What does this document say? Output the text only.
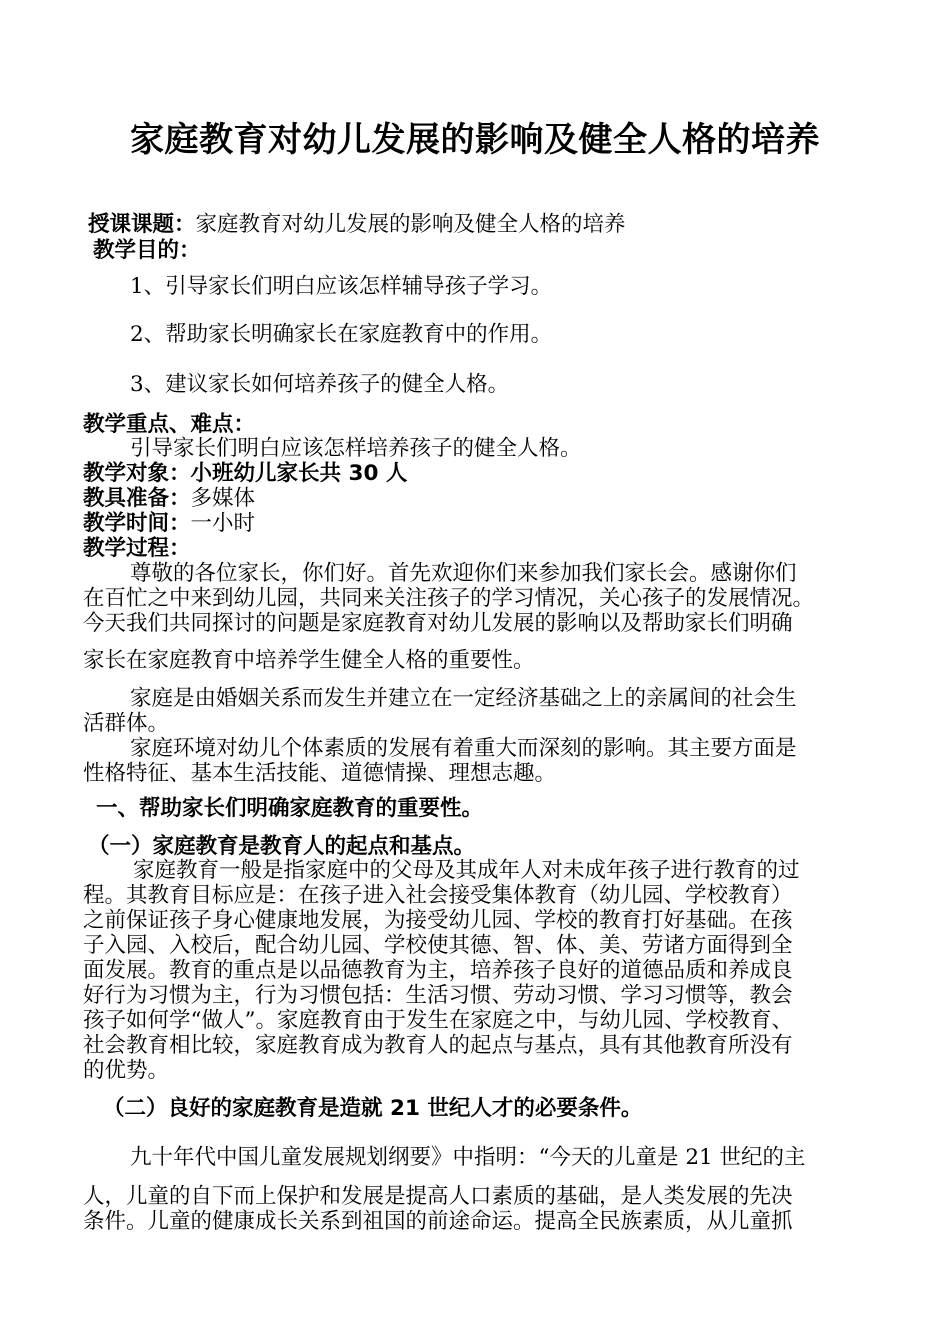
家庭教育对幼儿发展的影响及健全人格的培养
授课课题：家庭教育对幼儿发展的影响及健全人格的培养
教学目的：
1、引导家长们明白应该怎样辅导孩子学习。
2、帮助家长明确家长在家庭教育中的作用。
3、建议家长如何培养孩子的健全人格。
教学重点、难点：
引导家长们明白应该怎样培养孩子的健全人格。
教学对象：小班幼儿家长共 30 人
教具准备：多媒体
教学时间：一小时
教学过程：
尊敬的各位家长，你们好。首先欢迎你们来参加我们家长会。感谢你们
在百忙之中来到幼儿园，共同来关注孩子的学习情况，关心孩子的发展情况。
今天我们共同探讨的问题是家庭教育对幼儿发展的影响以及帮助家长们明确
家长在家庭教育中培养学生健全人格的重要性。
家庭是由婚姻关系而发生并建立在一定经济基础之上的亲属间的社会生
活群体。
家庭环境对幼儿个体素质的发展有着重大而深刻的影响。其主要方面是
性格特征、基本生活技能、道德情操、理想志趣。
一、帮助家长们明确家庭教育的重要性。
（一）家庭教育是教育人的起点和基点。
家庭教育一般是指家庭中的父母及其成年人对未成年孩子进行教育的过
程。其教育目标应是：在孩子进入社会接受集体教育（幼儿园、学校教育）
之前保证孩子身心健康地发展，为接受幼儿园、学校的教育打好基础。在孩
子入园、入校后，配合幼儿园、学校使其德、智、体、美、劳诸方面得到全
面发展。教育的重点是以品德教育为主，培养孩子良好的道德品质和养成良
好行为习惯为主，行为习惯包括：生活习惯、劳动习惯、学习习惯等，教会
孩子如何学“做人”。家庭教育由于发生在家庭之中，与幼儿园、学校教育、
社会教育相比较，家庭教育成为教育人的起点与基点，具有其他教育所没有
的优势。
（二）良好的家庭教育是造就 21 世纪人才的必要条件。
九十年代中国儿童发展规划纲要》中指明：“今天的儿童是 21 世纪的主
人，儿童的自下而上保护和发展是提高人口素质的基础，是人类发展的先决
条件。儿童的健康成长关系到祖国的前途命运。提高全民族素质，从儿童抓
